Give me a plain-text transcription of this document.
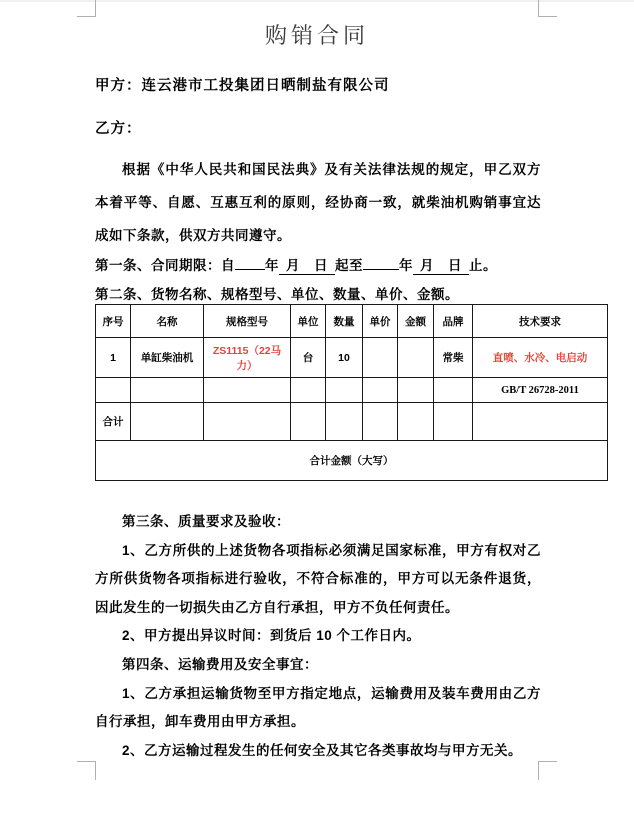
购销合同
甲方：连云港市工投集团日晒制盐有限公司
乙方：
根据《中华人民共和国民法典》及有关法律法规的规定，甲乙双方本着平等、自愿、互惠互利的原则，经协商一致，就柴油机购销事宜达成如下条款，供双方共同遵守。
第一条、合同期限：自 年 月 日 起至	年 月 日 止。
第二条、货物名称、规格型号、单位、数量、单价、金额。
序号	名称	规格型号	单位	数量	单价	金额	品牌	技术要求
1	单缸柴油机	ZS1115（22马力）	台	10			常柴	直喷、水冷、电启动
								GB/T 26728-2011
合计								
合计金额（大写）								

第三条、质量要求及验收：

1、乙方所供的上述货物各项指标必须满足国家标准，甲方有权对乙方所供货物各项指标进行验收，不符合标准的，甲方可以无条件退货，因此发生的一切损失由乙方自行承担，甲方不负任何责任。

2、甲方提出异议时间：到货后 10 个工作日内。

第四条、运输费用及安全事宜：

1、乙方承担运输货物至甲方指定地点，运输费用及装车费用由乙方自行承担，卸车费用由甲方承担。

2、乙方运输过程发生的任何安全及其它各类事故均与甲方无关。
